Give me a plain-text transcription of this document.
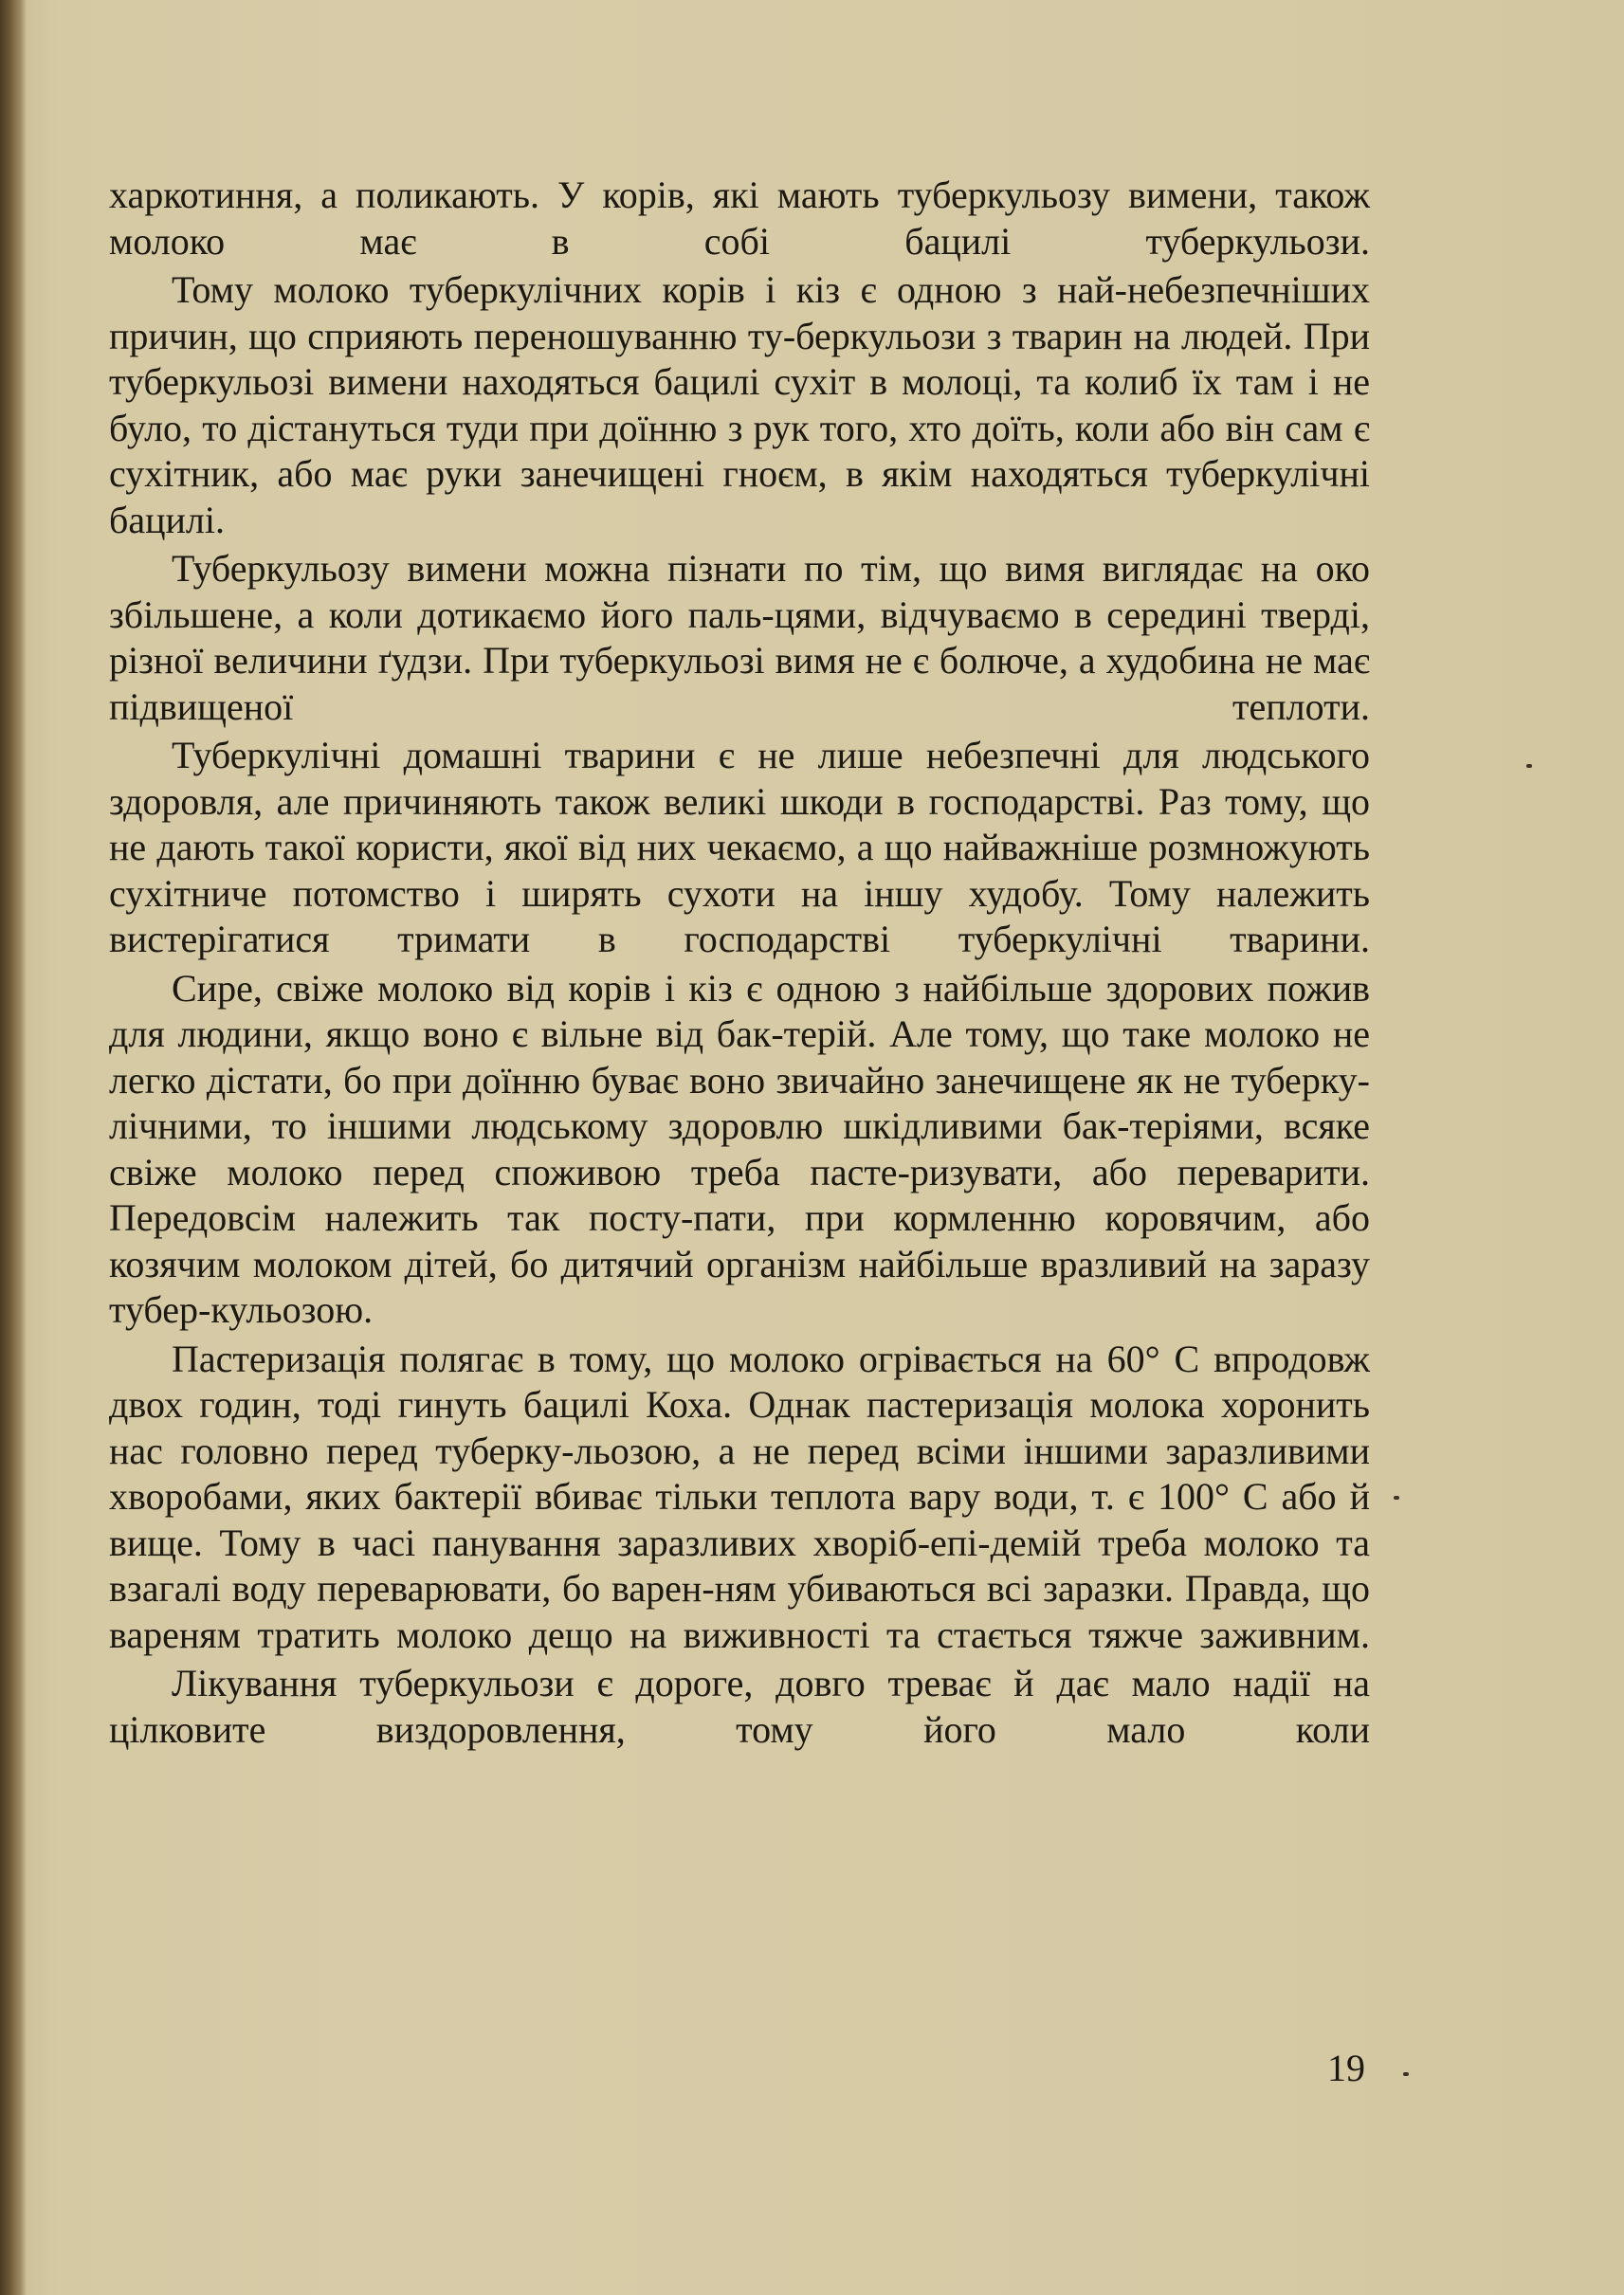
харкотиння, а поликають. У корів, які мають туберкульозу вимени, також молоко має в собі бацилі туберкульози.

Тому молоко туберкулічних корів і кіз є одною з най-небезпечніших причин, що сприяють переношуванню ту-беркульози з тварин на людей. При туберкульозі вимени находяться бацилі сухіт в молоці, та колиб їх там і не було, то дістануться туди при доїнню з рук того, хто доїть, коли або він сам є сухітник, або має руки занечищені гноєм, в якім находяться туберкулічні бацилі.

Туберкульозу вимени можна пізнати по тім, що вимя виглядає на око збільшене, а коли дотикаємо його паль-цями, відчуваємо в середині тверді, різної величини ґудзи. При туберкульозі вимя не є болюче, а худобина не має підвищеної теплоти.

Туберкулічні домашні тварини є не лише небезпечні для людського здоровля, але причиняють також великі шкоди в господарстві. Раз тому, що не дають такої користи, якої від них чекаємо, а що найважніше розмножують сухітниче потомство і ширять сухоти на іншу худобу. Тому належить вистерігатися тримати в господарстві туберкулічні тварини.

Сире, свіже молоко від корів і кіз є одною з найбільше здорових пожив для людини, якщо воно є вільне від бак-терій. Але тому, що таке молоко не легко дістати, бо при доїнню буває воно звичайно занечищене як не туберку-лічними, то іншими людському здоровлю шкідливими бак-теріями, всяке свіже молоко перед споживою треба пасте-ризувати, або переварити. Передовсім належить так посту-пати, при кормленню коровячим, або козячим молоком дітей, бо дитячий організм найбільше вразливий на заразу тубер-кульозою.

Пастеризація полягає в тому, що молоко огрівається на 60° С впродовж двох годин, тоді гинуть бацилі Коха. Однак пастеризація молока хоронить нас головно перед туберку-льозою, а не перед всіми іншими заразливими хворобами, яких бактерії вбиває тільки теплота вару води, т. є 100° С або й вище. Тому в часі панування заразливих хворіб-епі-демій треба молоко та взагалі воду переварювати, бо варен-ням убиваються всі заразки. Правда, що вареням тратить молоко дещо на виживності та стається тяжче заживним.

Лікування туберкульози є дороге, довго треває й дає мало надії на цілковите виздоровлення, тому його мало коли

19
